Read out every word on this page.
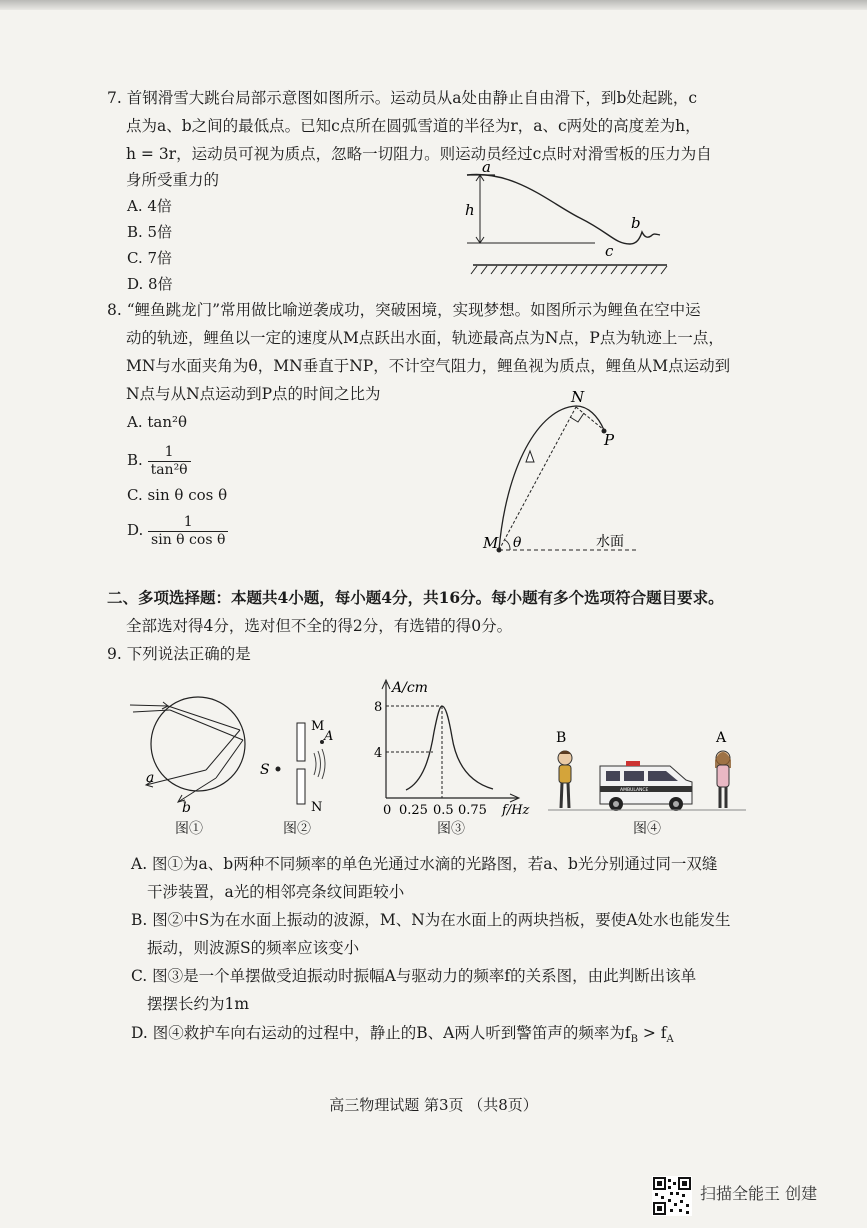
7. 首钢滑雪大跳台局部示意图如图所示。运动员从a处由静止自由滑下，到b处起跳，c
点为a、b之间的最低点。已知c点所在圆弧雪道的半径为r，a、c两处的高度差为h，
h = 3r，运动员可视为质点，忽略一切阻力。则运动员经过c点时对滑雪板的压力为自
身所受重力的
A. 4倍
B. 5倍
C. 7倍
D. 8倍
a
h
c
b
8. “鲤鱼跳龙门”常用做比喻逆袭成功，突破困境，实现梦想。如图所示为鲤鱼在空中运
动的轨迹，鲤鱼以一定的速度从M点跃出水面，轨迹最高点为N点，P点为轨迹上一点，
MN与水面夹角为θ，MN垂直于NP，不计空气阻力，鲤鱼视为质点，鲤鱼从M点运动到
N点与从N点运动到P点的时间之比为
A. tan²θ
B. $\frac{1}{\text{tan²θ}}$
C. sin θ cos θ
D. $\frac{1}{\text{sin θ cos θ}}$	M
N
P
θ	水面
二、多项选择题：本题共4小题，每小题4分，共16分。每小题有多个选项符合题目要求。
全部选对得4分，选对但不全的得2分，有选错的得0分。
9. 下列说法正确的是
a
b
图①
S
M
A
N
图②
A/cm
8
4
0 0.25 0.5 0.75 f/Hz
图③
B	A
AMBULANCE
图④
A. 图①为a、b两种不同频率的单色光通过水滴的光路图，若a、b光分别通过同一双缝
干涉装置，a光的相邻亮条纹间距较小
B. 图②中S为在水面上振动的波源，M、N为在水面上的两块挡板，要使A处水也能发生
振动，则波源S的频率应该变小
C. 图③是一个单摆做受迫振动时振幅A与驱动力的频率f的关系图，由此判断出该单
摆摆长约为1m
D. 图④救护车向右运动的过程中，静止的B、A两人听到警笛声的频率为$f_B > f_A$
高三物理试题 第3页 （共8页）
扫描全能王 创建
